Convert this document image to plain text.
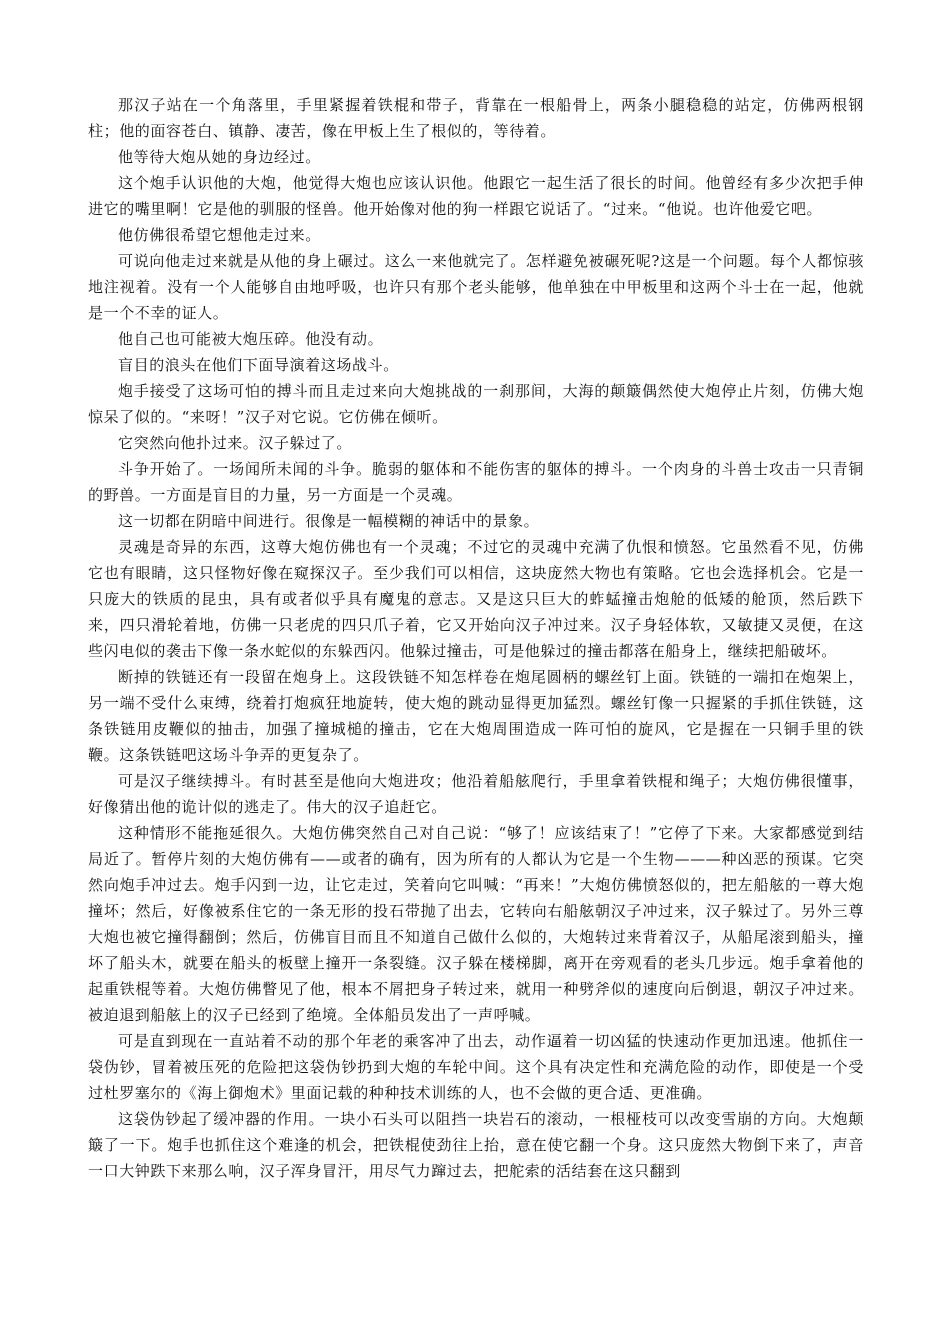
那汉子站在一个角落里，手里紧握着铁棍和带子，背靠在一根船骨上，两条小腿稳稳的站定，仿佛两根钢柱；他的面容苍白、镇静、凄苦，像在甲板上生了根似的，等待着。

他等待大炮从她的身边经过。

这个炮手认识他的大炮，他觉得大炮也应该认识他。他跟它一起生活了很长的时间。他曾经有多少次把手伸进它的嘴里啊！它是他的驯服的怪兽。他开始像对他的狗一样跟它说话了。“过来。“他说。也许他爱它吧。

他仿佛很希望它想他走过来。

可说向他走过来就是从他的身上碾过。这么一来他就完了。怎样避免被碾死呢?这是一个问题。每个人都惊骇地注视着。没有一个人能够自由地呼吸，也许只有那个老头能够，他单独在中甲板里和这两个斗士在一起，他就是一个不幸的证人。

他自己也可能被大炮压碎。他没有动。

盲目的浪头在他们下面导演着这场战斗。

炮手接受了这场可怕的搏斗而且走过来向大炮挑战的一刹那间，大海的颠簸偶然使大炮停止片刻，仿佛大炮惊呆了似的。“来呀！”汉子对它说。它仿佛在倾听。

它突然向他扑过来。汉子躲过了。

斗争开始了。一场闻所未闻的斗争。脆弱的躯体和不能伤害的躯体的搏斗。一个肉身的斗兽士攻击一只青铜的野兽。一方面是盲目的力量，另一方面是一个灵魂。

这一切都在阴暗中间进行。很像是一幅模糊的神话中的景象。

灵魂是奇异的东西，这尊大炮仿佛也有一个灵魂；不过它的灵魂中充满了仇恨和愤怒。它虽然看不见，仿佛它也有眼睛，这只怪物好像在窥探汉子。至少我们可以相信，这块庞然大物也有策略。它也会选择机会。它是一只庞大的铁质的昆虫，具有或者似乎具有魔鬼的意志。又是这只巨大的蚱蜢撞击炮舱的低矮的舱顶，然后跌下来，四只滑轮着地，仿佛一只老虎的四只爪子着，它又开始向汉子冲过来。汉子身轻体软，又敏捷又灵便，在这些闪电似的袭击下像一条水蛇似的东躲西闪。他躲过撞击，可是他躲过的撞击都落在船身上，继续把船破坏。

断掉的铁链还有一段留在炮身上。这段铁链不知怎样卷在炮尾圆柄的螺丝钉上面。铁链的一端扣在炮架上，另一端不受什么束缚，绕着打炮疯狂地旋转，使大炮的跳动显得更加猛烈。螺丝钉像一只握紧的手抓住铁链，这条铁链用皮鞭似的抽击，加强了撞城槌的撞击，它在大炮周围造成一阵可怕的旋风，它是握在一只铜手里的铁鞭。这条铁链吧这场斗争弄的更复杂了。

可是汉子继续搏斗。有时甚至是他向大炮进攻；他沿着船舷爬行，手里拿着铁棍和绳子；大炮仿佛很懂事，好像猜出他的诡计似的逃走了。伟大的汉子追赶它。

这种情形不能拖延很久。大炮仿佛突然自己对自己说：“够了！应该结束了！”它停了下来。大家都感觉到结局近了。暂停片刻的大炮仿佛有——或者的确有，因为所有的人都认为它是一个生物———种凶恶的预谋。它突然向炮手冲过去。炮手闪到一边，让它走过，笑着向它叫喊：“再来！”大炮仿佛愤怒似的，把左船舷的一尊大炮撞坏；然后，好像被系住它的一条无形的投石带抛了出去，它转向右船舷朝汉子冲过来，汉子躲过了。另外三尊大炮也被它撞得翻倒；然后，仿佛盲目而且不知道自己做什么似的，大炮转过来背着汉子，从船尾滚到船头，撞坏了船头木，就要在船头的板壁上撞开一条裂缝。汉子躲在楼梯脚，离开在旁观看的老头几步远。炮手拿着他的起重铁棍等着。大炮仿佛瞥见了他，根本不屑把身子转过来，就用一种劈斧似的速度向后倒退，朝汉子冲过来。被迫退到船舷上的汉子已经到了绝境。全体船员发出了一声呼喊。

可是直到现在一直站着不动的那个年老的乘客冲了出去，动作逼着一切凶猛的快速动作更加迅速。他抓住一袋伪钞，冒着被压死的危险把这袋伪钞扔到大炮的车轮中间。这个具有决定性和充满危险的动作，即使是一个受过杜罗塞尔的《海上御炮术》里面记载的种种技术训练的人，也不会做的更合适、更准确。

这袋伪钞起了缓冲器的作用。一块小石头可以阻挡一块岩石的滚动，一根桠枝可以改变雪崩的方向。大炮颠簸了一下。炮手也抓住这个难逢的机会，把铁棍使劲往上抬，意在使它翻一个身。这只庞然大物倒下来了，声音一口大钟跌下来那么响，汉子浑身冒汗，用尽气力蹿过去，把舵索的活结套在这只翻到
